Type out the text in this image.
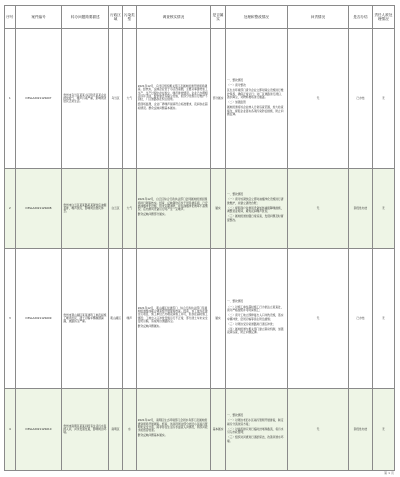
序号	案件编号	转办问题简要描述	行政区域	污染类型	调查核实情况	是否属实	处理和整改情况	问责情况	是否办结	责任人被处理情况
1	D3SLA202112S007	贵州市乌当区某某小区附近某某企业排放废气、噪声污染严重，影响周边居民正常生活。	乌当区	大气	2021年12月，乌当区组织相关部门及属地街道开展现场调查。经核实，反映企业位于小区西南侧，主要从事建材加工生产，生产过程中存在粉尘、噪声排放情况。企业已办理相关环评手续，配套建设有除尘设施，但部分设施运行维护不到位，厂区道路存在积尘现象。
经现场监测，企业厂界噪声昼间符合标准要求，夜间存在超标情况。群众反映问题基本属实。	部分属实	一、整改情况
（一）责令整改
区生态环境部门责令企业立即对除尘设施进行维护保养，确保正常运行；对厂区道路进行清扫、洒水降尘，对物料堆场进行覆盖。
（二）加强监管
属地街道将该企业纳入日常巡查范围，加大检查频次，督促企业落实各项污染防治措施，防止问题反弹。	无	已办结	无
2	D3SLA202112S008	贵州市白云区某某路某某餐饮店油烟直排，噪声扰民，影响周边居民休息。	白云区	大气	2021年12月，白云区综合行政执法部门会同属地街道到现场进行调查核实。经查，反映餐饮店位于居民楼底商，已安装油烟净化设施，但未定期清洗，存在油烟净化效率不高情况；店内排风设备运行时产生一定噪声。
群众反映问题部分属实。	属实	一、整改情况
（一）责令该餐饮店立即对油烟净化设施进行清洗维护，并建立清洗台账；
（二）督促商户对排风设备加装减振降噪措施，调整营业时间，避免夜间噪声扰民；
（三）属地街道加强日常巡查，发现问题及时督促整改。	无	阶段性办结	无
3	D3SLA202112S009	贵州市观山湖区某某建筑工地夜间施工噪声扰民，渣土运输车辆抛洒滴漏，道路扬尘严重。	观山湖区	噪声	2021年12月，观山湖区住建部门、综合行政执法部门及属地街道组成联合调查组开展现场核查。经查，该工地为在建住宅项目，施工单位已办理夜间施工许可，但存在超时施工情况；工地出入口冲洗设施运行不正常，部分渣土车未完全密闭运输，造成周边道路扬尘。
群众反映问题属实。	属实	一、整改情况
（一）对施工单位超时施工行为依法立案查处，责令严格按照许可时间施工；
（二）责令工地立即修复出入口冲洗设施，落实车辆冲洗、密闭运输等扬尘防治措施；
（三）对周边受污染道路进行清扫冲洗；
（四）属地街道与相关部门建立联动机制，加强夜间巡查，防止问题反弹。	无	已办结	无
4	D3SLA202112S010	贵州市南明区某某河段有生活污水直排入河，河水发黑发臭，影响周边环境。	南明区	水	2021年12月，南明区生态环境部门会同水务部门及属地街道到现场开展调查。经查，该河段周边部分老旧小区雨污管网未完全分流，雨季存在生活污水溢流入河情况，局部河段水质感官较差。
群众反映问题基本属实。	基本属实	一、整改情况
（一）对周边老旧小区雨污管网开展排查，制定雨污分流改造方案；
（二）对溢流排口进行临时封堵和截流，将污水引入市政管网；
（三）组织对河道进行清淤保洁，改善河道水环境。	无	阶段性办结	无
第 1 页
